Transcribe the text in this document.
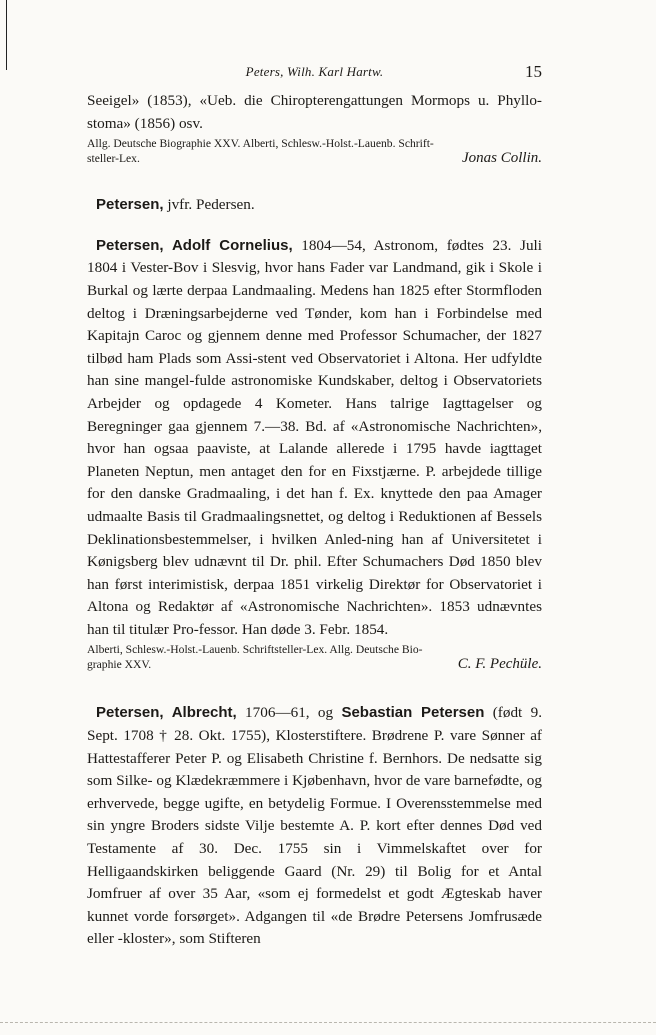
Peters, Wilh. Karl Hartw.	15

Seeigel» (1853), «Ueb. die Chiropterengattungen Mormops u. Phyllo-stoma» (1856) osv.

Allg. Deutsche Biographie XXV. Alberti, Schlesw.-Holst.-Lauenb. Schrift-

steller-Lex.	Jonas Collin.

Petersen, jvfr. Pedersen.

Petersen, Adolf Cornelius, 1804—54, Astronom, fødtes 23. Juli 1804 i Vester-Bov i Slesvig, hvor hans Fader var Landmand, gik i Skole i Burkal og lærte derpaa Landmaaling. Medens han 1825 efter Stormfloden deltog i Dræningsarbejderne ved Tønder, kom han i Forbindelse med Kapitajn Caroc og gjennem denne med Professor Schumacher, der 1827 tilbød ham Plads som Assi-stent ved Observatoriet i Altona. Her udfyldte han sine mangel-fulde astronomiske Kundskaber, deltog i Observatoriets Arbejder og opdagede 4 Kometer. Hans talrige Iagttagelser og Beregninger gaa gjennem 7.—38. Bd. af «Astronomische Nachrichten», hvor han ogsaa paaviste, at Lalande allerede i 1795 havde iagttaget Planeten Neptun, men antaget den for en Fixstjærne. P. arbejdede tillige for den danske Gradmaaling, i det han f. Ex. knyttede den paa Amager udmaalte Basis til Gradmaalingsnettet, og deltog i Reduktionen af Bessels Deklinationsbestemmelser, i hvilken Anled-ning han af Universitetet i Kønigsberg blev udnævnt til Dr. phil. Efter Schumachers Død 1850 blev han først interimistisk, derpaa 1851 virkelig Direktør for Observatoriet i Altona og Redaktør af «Astronomische Nachrichten». 1853 udnævntes han til titulær Pro-fessor. Han døde 3. Febr. 1854.

Alberti, Schlesw.-Holst.-Lauenb. Schriftsteller-Lex. Allg. Deutsche Bio-

graphie XXV.	C. F. Pechüle.

Petersen, Albrecht, 1706—61, og Sebastian Petersen (født 9. Sept. 1708 † 28. Okt. 1755), Klosterstiftere. Brødrene P. vare Sønner af Hattestafferer Peter P. og Elisabeth Christine f. Bernhors. De nedsatte sig som Silke- og Klædekræmmere i Kjøbenhavn, hvor de vare barnefødte, og erhvervede, begge ugifte, en betydelig Formue. I Overensstemmelse med sin yngre Broders sidste Vilje bestemte A. P. kort efter dennes Død ved Testamente af 30. Dec. 1755 sin i Vimmelskaftet over for Helligaandskirken beliggende Gaard (Nr. 29) til Bolig for et Antal Jomfruer af over 35 Aar, «som ej formedelst et godt Ægteskab haver kunnet vorde forsørget». Adgangen til «de Brødre Petersens Jomfrusæde eller -kloster», som Stifteren
